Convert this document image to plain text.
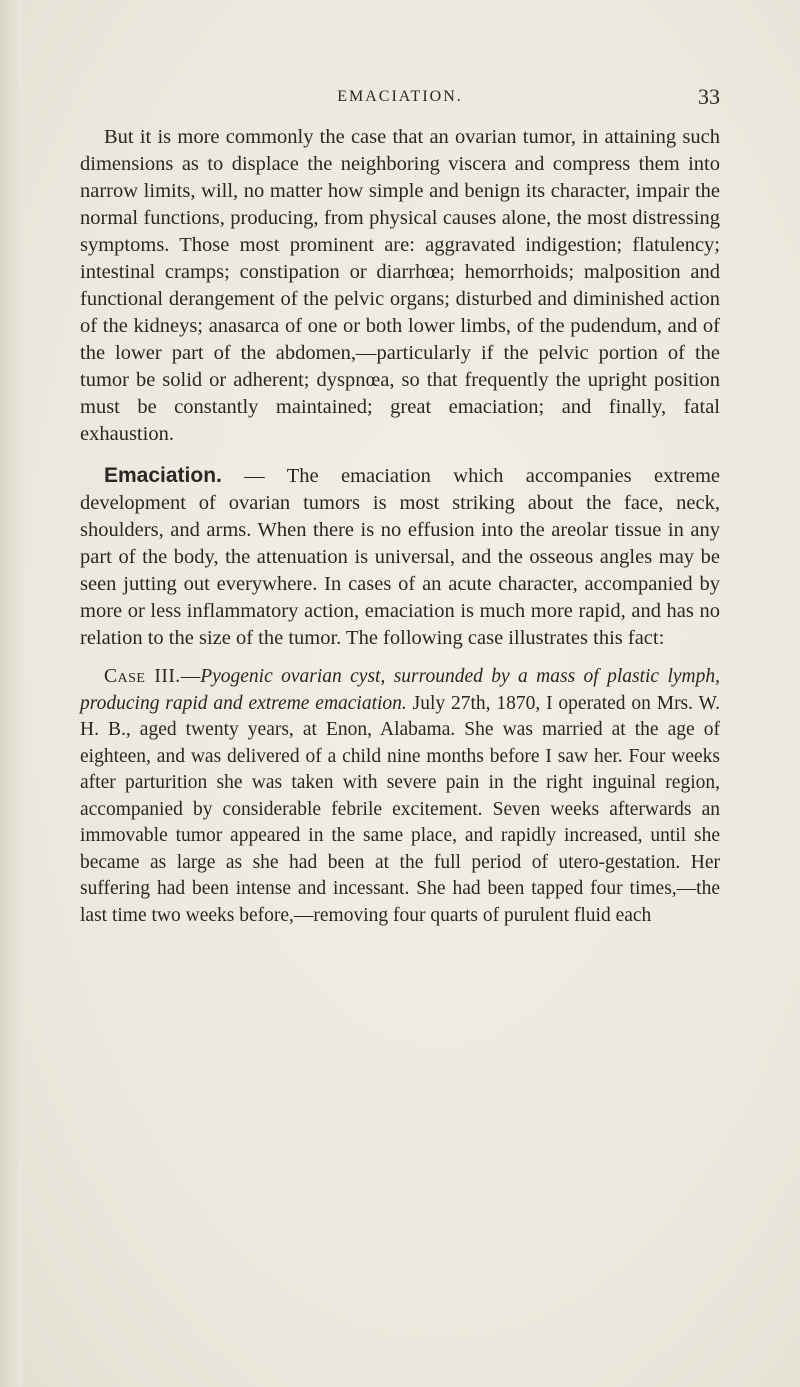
EMACIATION.	33

But it is more commonly the case that an ovarian tumor, in attaining such dimensions as to displace the neighboring viscera and compress them into narrow limits, will, no matter how simple and benign its character, impair the normal functions, producing, from physical causes alone, the most distressing symptoms. Those most prominent are: aggravated indigestion; flatulency; intestinal cramps; constipation or diarrhœa; hemorrhoids; malposition and functional derangement of the pelvic organs; disturbed and diminished action of the kidneys; anasarca of one or both lower limbs, of the pudendum, and of the lower part of the abdomen,—particularly if the pelvic portion of the tumor be solid or adherent; dyspnœa, so that frequently the upright position must be constantly maintained; great emaciation; and finally, fatal exhaustion.

Emaciation. — The emaciation which accompanies extreme development of ovarian tumors is most striking about the face, neck, shoulders, and arms. When there is no effusion into the areolar tissue in any part of the body, the attenuation is universal, and the osseous angles may be seen jutting out everywhere. In cases of an acute character, accompanied by more or less inflammatory action, emaciation is much more rapid, and has no relation to the size of the tumor. The following case illustrates this fact:

Case III.—Pyogenic ovarian cyst, surrounded by a mass of plastic lymph, producing rapid and extreme emaciation. July 27th, 1870, I operated on Mrs. W. H. B., aged twenty years, at Enon, Alabama. She was married at the age of eighteen, and was delivered of a child nine months before I saw her. Four weeks after parturition she was taken with severe pain in the right inguinal region, accompanied by considerable febrile excitement. Seven weeks afterwards an immovable tumor appeared in the same place, and rapidly increased, until she became as large as she had been at the full period of utero-gestation. Her suffering had been intense and incessant. She had been tapped four times,—the last time two weeks before,—removing four quarts of purulent fluid each
